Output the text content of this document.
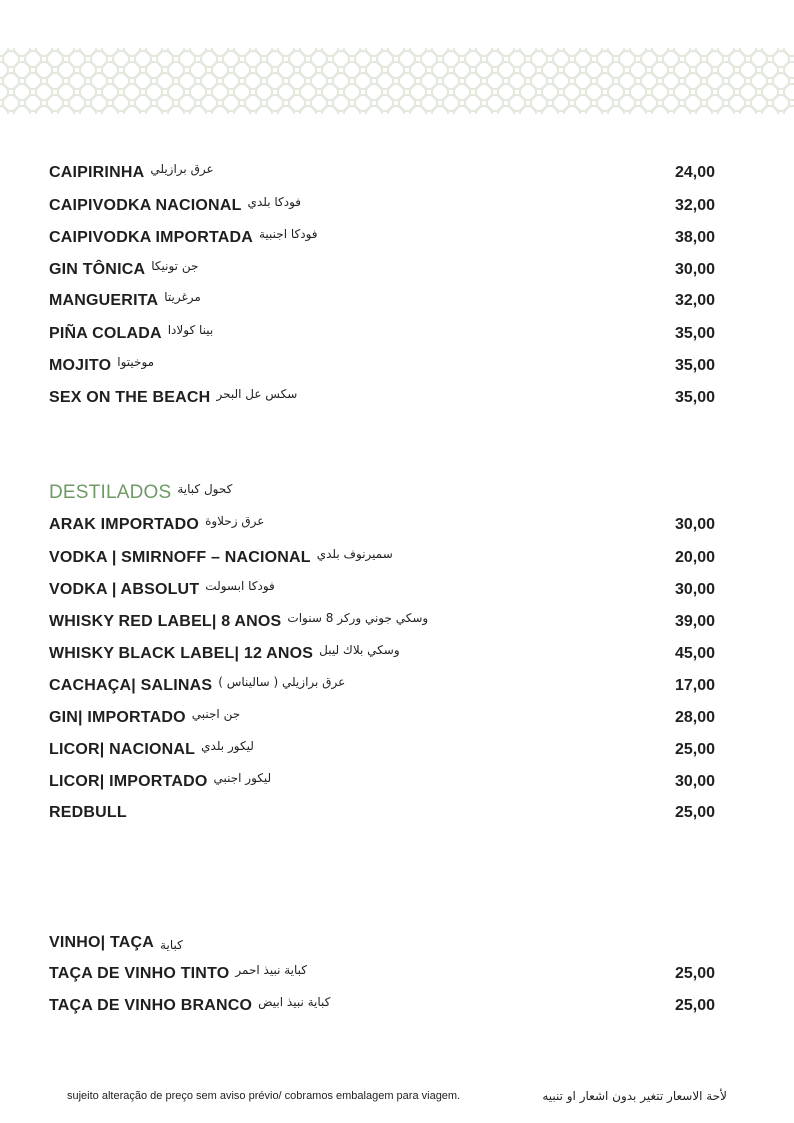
CAIPIRINHA عرق برازيلي	24,00
CAIPIVODKA NACIONAL فودكا بلدي	32,00
CAIPIVODKA IMPORTADA فودكا اجنبية	38,00
GIN TÔNICA جن تونيكا	30,00
MANGUERITA مرغريتا	32,00
PIÑA COLADA بينا كولادا	35,00
MOJITO موخيتوا	35,00
SEX ON THE BEACH سكس عل البحر	35,00
DESTILADOS كحول كباية
ARAK IMPORTADO عرق زحلاوة	30,00
VODKA | SMIRNOFF – NACIONAL سميرنوف بلدي	20,00
VODKA | ABSOLUT فودكا ابسولت	30,00
WHISKY RED LABEL| 8 ANOS وسكي جوني وركر 8 سنوات	39,00
WHISKY BLACK LABEL| 12 ANOS وسكي بلاك ليبل	45,00
CACHAÇA| SALINAS عرق برازيلي ( ساليناس )	17,00
GIN| IMPORTADO جن اجنبي	28,00
LICOR| NACIONAL ليكور بلدي	25,00
LICOR| IMPORTADO ليكور اجنبي	30,00
REDBULL	25,00
VINHO| TAÇA كباية
TAÇA DE VINHO TINTO كباية نبيذ احمر	25,00
TAÇA DE VINHO BRANCO كباية نبيذ ابيض	25,00
sujeito alteração de preço sem aviso prévio/ cobramos embalagem para viagem.	لأحة الاسعار تتغير بدون اشعار او تنبيه
